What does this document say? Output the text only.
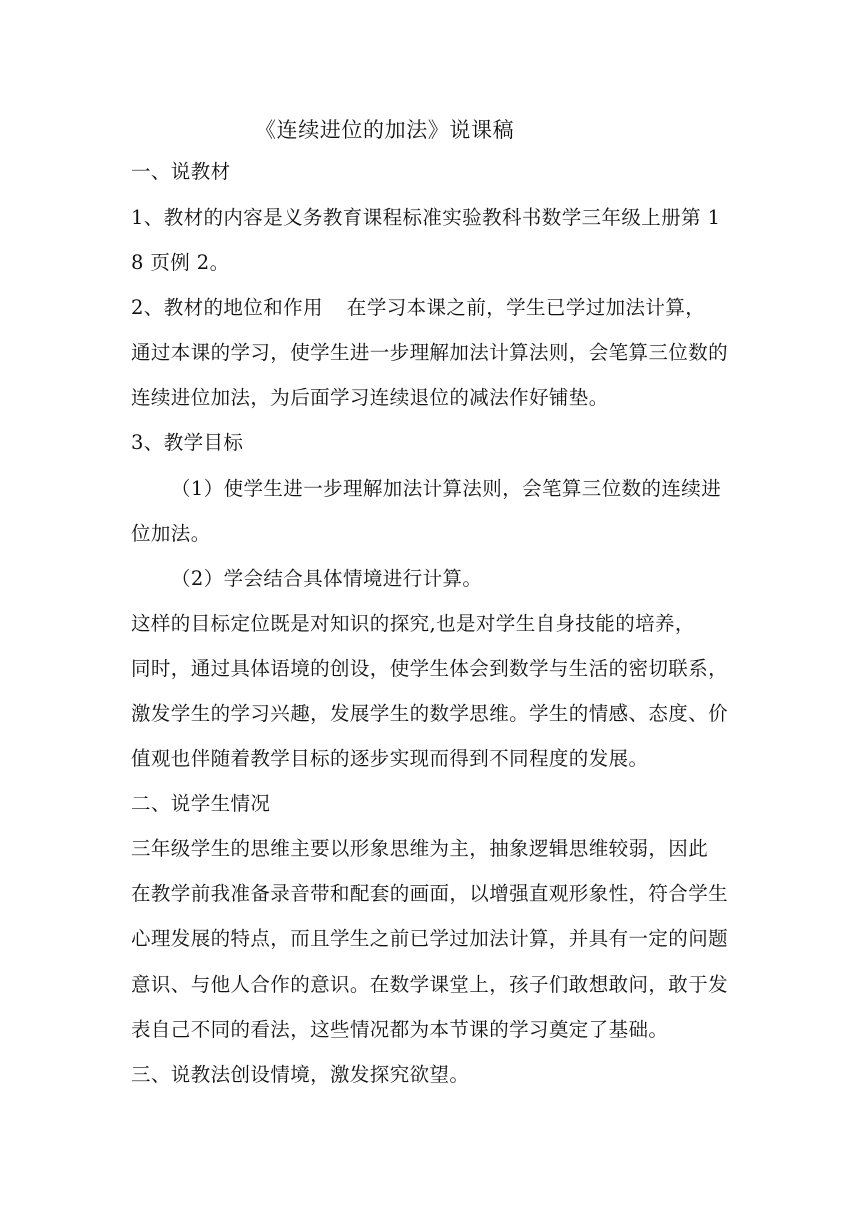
《连续进位的加法》说课稿
一、说教材
1、教材的内容是义务教育课程标准实验教科书数学三年级上册第 1
8 页例 2。
2、教材的地位和作用 在学习本课之前，学生已学过加法计算，
通过本课的学习，使学生进一步理解加法计算法则，会笔算三位数的
连续进位加法，为后面学习连续退位的减法作好铺垫。
3、教学目标
（1）使学生进一步理解加法计算法则，会笔算三位数的连续进
位加法。
（2）学会结合具体情境进行计算。
这样的目标定位既是对知识的探究,也是对学生自身技能的培养，
同时，通过具体语境的创设，使学生体会到数学与生活的密切联系，
激发学生的学习兴趣，发展学生的数学思维。学生的情感、态度、价
值观也伴随着教学目标的逐步实现而得到不同程度的发展。
二、说学生情况
三年级学生的思维主要以形象思维为主，抽象逻辑思维较弱，因此
在教学前我准备录音带和配套的画面，以增强直观形象性，符合学生
心理发展的特点，而且学生之前已学过加法计算，并具有一定的问题
意识、与他人合作的意识。在数学课堂上，孩子们敢想敢问，敢于发
表自己不同的看法，这些情况都为本节课的学习奠定了基础。
三、说教法创设情境，激发探究欲望。
